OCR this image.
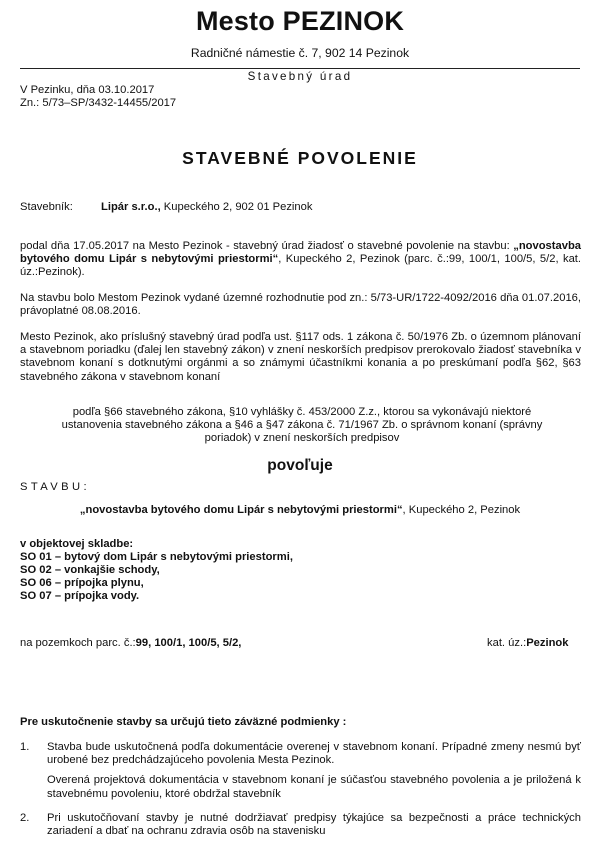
Mesto PEZINOK
Radničné námestie č. 7, 902 14 Pezinok
Stavebný úrad
V Pezinku, dňa 03.10.2017
Zn.: 5/73–SP/3432-14455/2017
STAVEBNÉ POVOLENIE
Stavebník:	Lipár s.r.o., Kupeckého 2, 902 01 Pezinok
podal dňa 17.05.2017 na Mesto Pezinok - stavebný úrad žiadosť o stavebné povolenie na stavbu: „novostavba bytového domu Lipár s nebytovými priestormi“, Kupeckého 2, Pezinok (parc. č.:99, 100/1, 100/5, 5/2, kat. úz.:Pezinok).
Na stavbu bolo Mestom Pezinok vydané územné rozhodnutie pod zn.: 5/73-UR/1722-4092/2016 dňa 01.07.2016, právoplatné 08.08.2016.
Mesto Pezinok, ako príslušný stavebný úrad podľa ust. §117 ods. 1 zákona č. 50/1976 Zb. o územnom plánovaní a stavebnom poriadku (ďalej len stavebný zákon) v znení neskorších predpisov prerokovalo žiadosť stavebníka v stavebnom konaní s dotknutými orgánmi a so známymi účastníkmi konania a po preskúmaní podľa §62, §63 stavebného zákona v stavebnom konaní
podľa §66 stavebného zákona, §10 vyhlášky č. 453/2000 Z.z., ktorou sa vykonávajú niektoré ustanovenia stavebného zákona a §46 a §47 zákona č. 71/1967 Zb. o správnom konaní (správny poriadok) v znení neskorších predpisov
povoľuje
STAVBU:
„novostavba bytového domu Lipár s nebytovými priestormi“, Kupeckého 2, Pezinok
v objektovej skladbe:
SO 01 – bytový dom Lipár s nebytovými priestormi,
SO 02 – vonkajšie schody,
SO 06 – prípojka plynu,
SO 07 – prípojka vody.
na pozemkoch parc. č.:99, 100/1, 100/5, 5/2,	kat. úz.:Pezinok
Pre uskutočnenie stavby sa určujú tieto záväzné podmienky :
1. Stavba bude uskutočnená podľa dokumentácie overenej v stavebnom konaní. Prípadné zmeny nesmú byť urobené bez predchádzajúceho povolenia Mesta Pezinok.
Overená projektová dokumentácia v stavebnom konaní je súčasťou stavebného povolenia a je priložená k stavebnému povoleniu, ktoré obdržal stavebník
2. Pri uskutočňovaní stavby je nutné dodržiavať predpisy týkajúce sa bezpečnosti a práce technických zariadení a dbať na ochranu zdravia osôb na stavenisku
